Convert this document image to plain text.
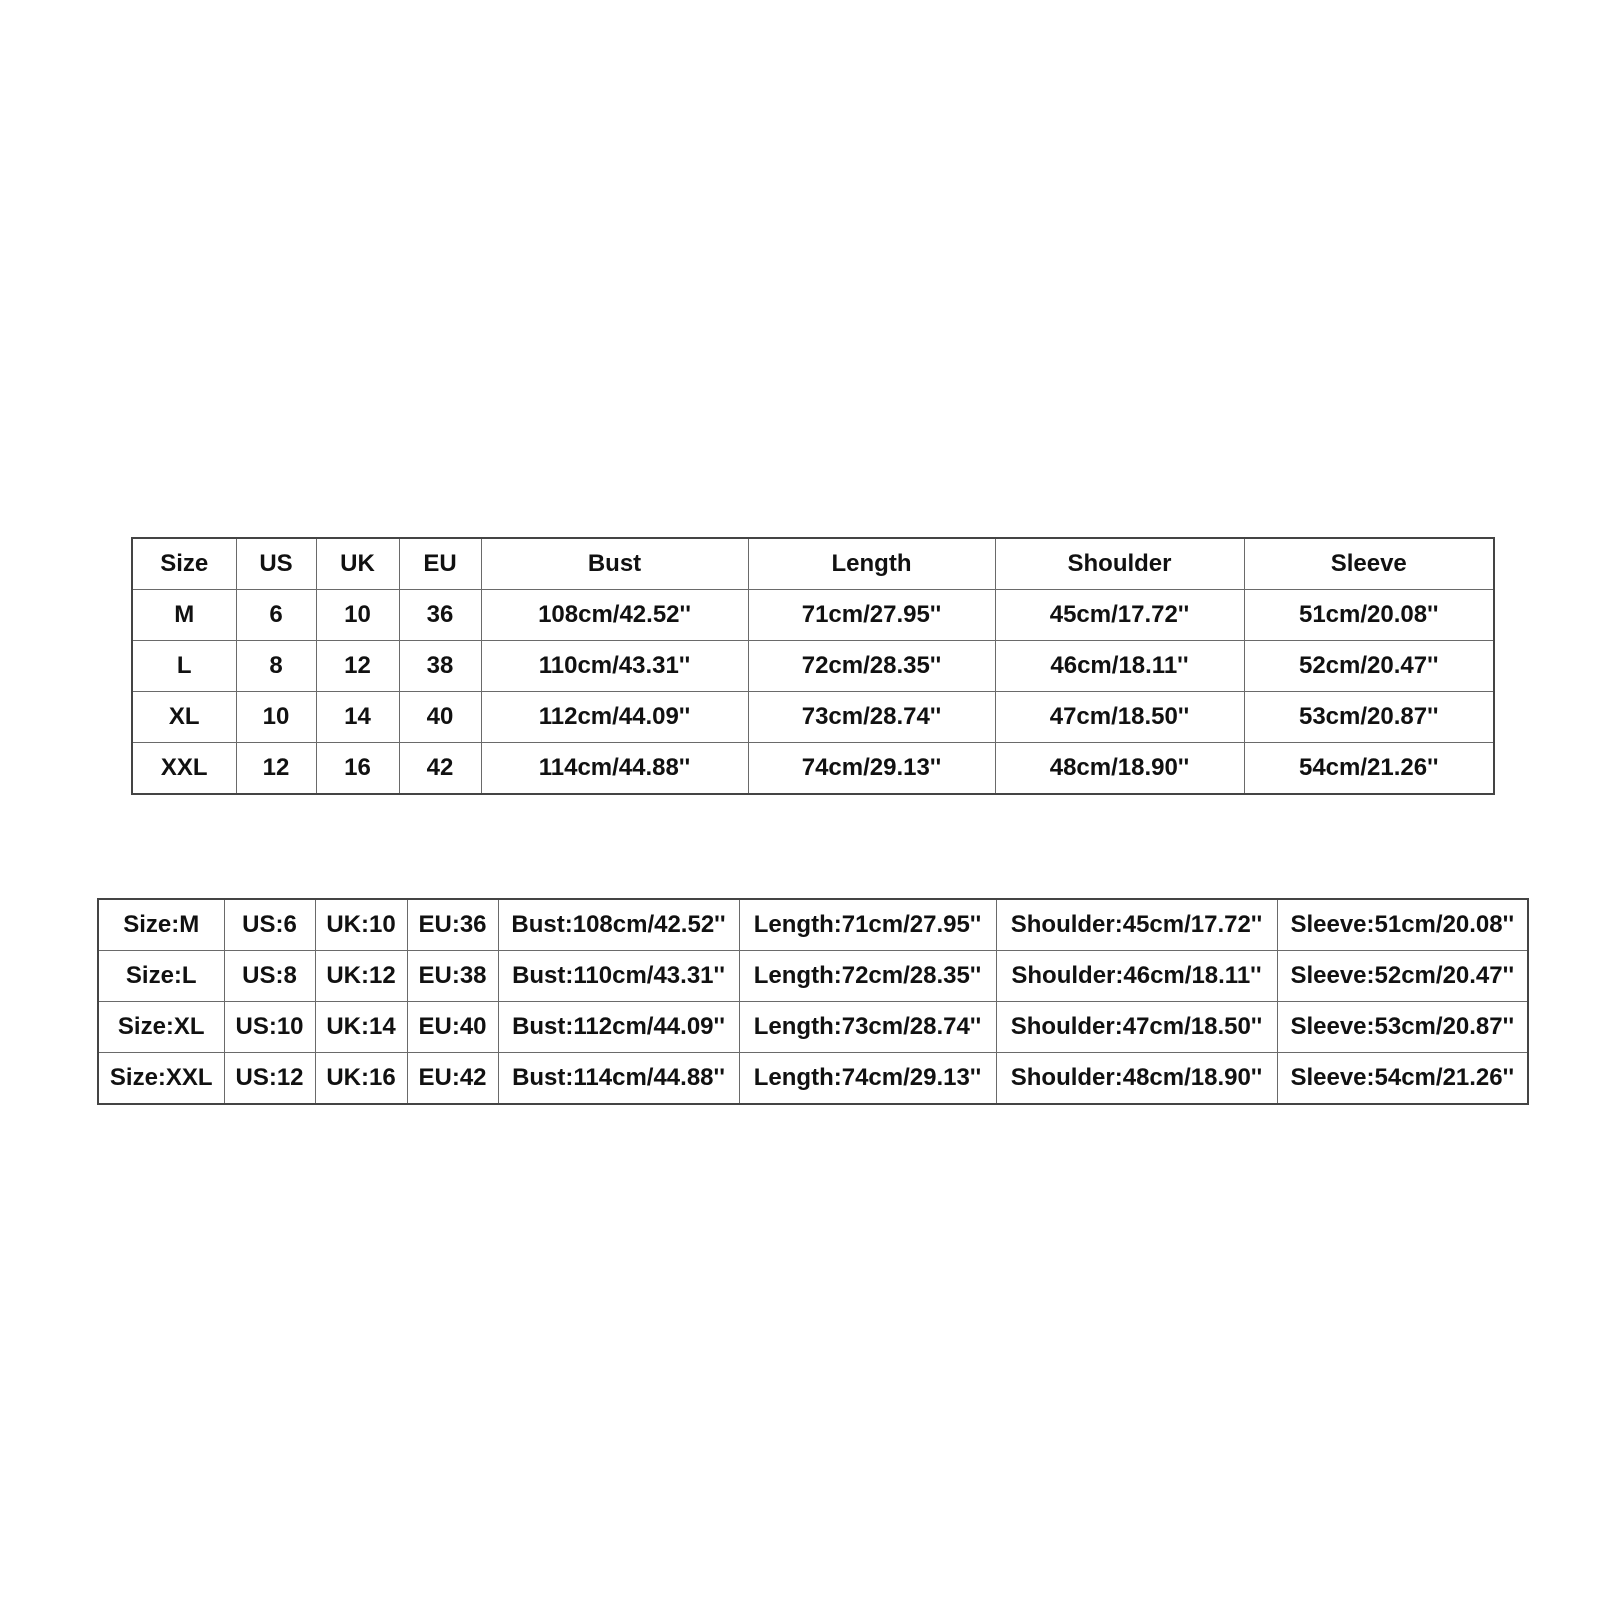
Size	US	UK	EU	Bust	Length	Shoulder	Sleeve
M	6	10	36	108cm/42.52''	71cm/27.95''	45cm/17.72''	51cm/20.08''
L	8	12	38	110cm/43.31''	72cm/28.35''	46cm/18.11''	52cm/20.47''
XL	10	14	40	112cm/44.09''	73cm/28.74''	47cm/18.50''	53cm/20.87''
XXL	12	16	42	114cm/44.88''	74cm/29.13''	48cm/18.90''	54cm/21.26''
Size:M	US:6	UK:10	EU:36	Bust:108cm/42.52''	Length:71cm/27.95''	Shoulder:45cm/17.72''	Sleeve:51cm/20.08''
Size:L	US:8	UK:12	EU:38	Bust:110cm/43.31''	Length:72cm/28.35''	Shoulder:46cm/18.11''	Sleeve:52cm/20.47''
Size:XL	US:10	UK:14	EU:40	Bust:112cm/44.09''	Length:73cm/28.74''	Shoulder:47cm/18.50''	Sleeve:53cm/20.87''
Size:XXL	US:12	UK:16	EU:42	Bust:114cm/44.88''	Length:74cm/29.13''	Shoulder:48cm/18.90''	Sleeve:54cm/21.26''
